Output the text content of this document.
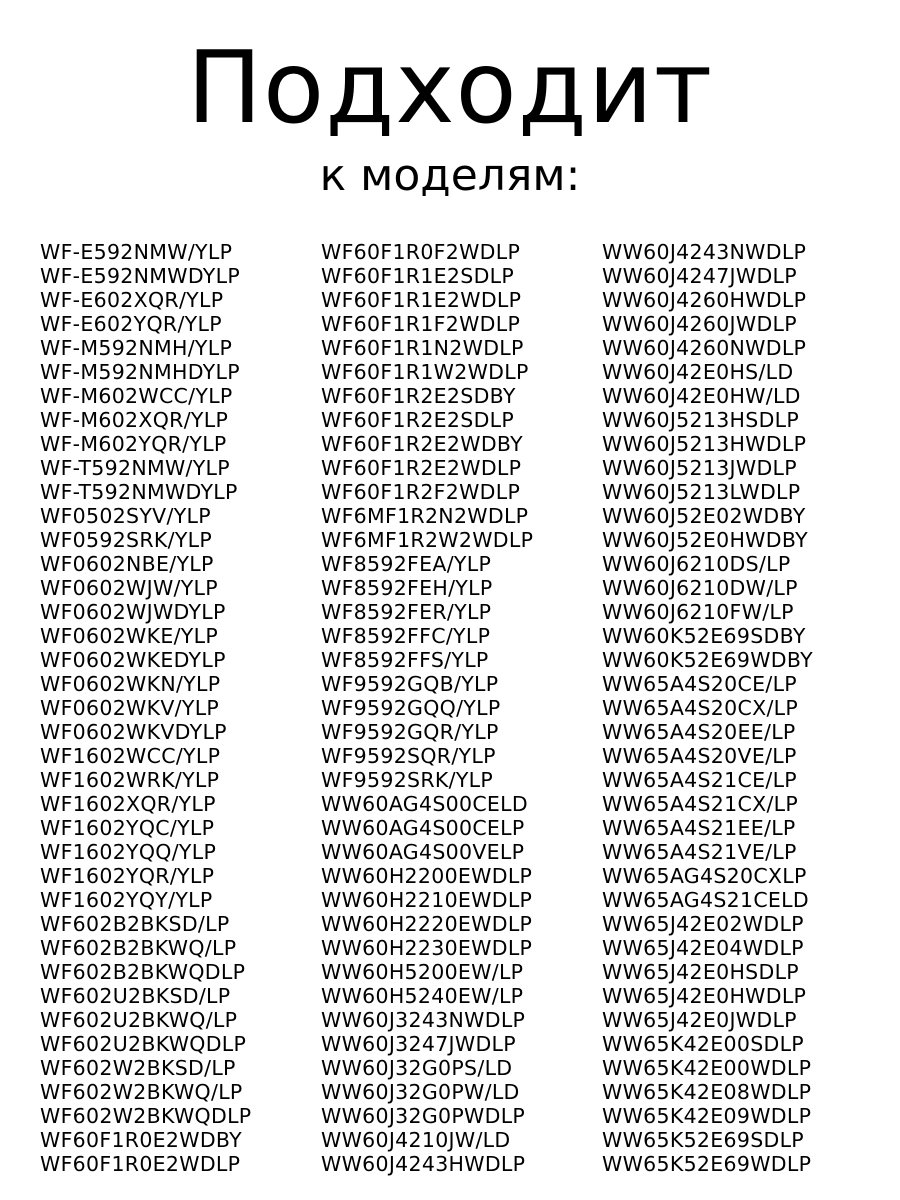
Подходит
к моделям:
WF-E592NMW/YLP
WF-E592NMWDYLP
WF-E602XQR/YLP
WF-E602YQR/YLP
WF-M592NMH/YLP
WF-M592NMHDYLP
WF-M602WCC/YLP
WF-M602XQR/YLP
WF-M602YQR/YLP
WF-T592NMW/YLP
WF-T592NMWDYLP
WF0502SYV/YLP
WF0592SRK/YLP
WF0602NBE/YLP
WF0602WJW/YLP
WF0602WJWDYLP
WF0602WKE/YLP
WF0602WKEDYLP
WF0602WKN/YLP
WF0602WKV/YLP
WF0602WKVDYLP
WF1602WCC/YLP
WF1602WRK/YLP
WF1602XQR/YLP
WF1602YQC/YLP
WF1602YQQ/YLP
WF1602YQR/YLP
WF1602YQY/YLP
WF602B2BKSD/LP
WF602B2BKWQ/LP
WF602B2BKWQDLP
WF602U2BKSD/LP
WF602U2BKWQ/LP
WF602U2BKWQDLP
WF602W2BKSD/LP
WF602W2BKWQ/LP
WF602W2BKWQDLP
WF60F1R0E2WDBY
WF60F1R0E2WDLP
WF60F1R0F2WDLP
WF60F1R1E2SDLP
WF60F1R1E2WDLP
WF60F1R1F2WDLP
WF60F1R1N2WDLP
WF60F1R1W2WDLP
WF60F1R2E2SDBY
WF60F1R2E2SDLP
WF60F1R2E2WDBY
WF60F1R2E2WDLP
WF60F1R2F2WDLP
WF6MF1R2N2WDLP
WF6MF1R2W2WDLP
WF8592FEA/YLP
WF8592FEH/YLP
WF8592FER/YLP
WF8592FFC/YLP
WF8592FFS/YLP
WF9592GQB/YLP
WF9592GQQ/YLP
WF9592GQR/YLP
WF9592SQR/YLP
WF9592SRK/YLP
WW60AG4S00CELD
WW60AG4S00CELP
WW60AG4S00VELP
WW60H2200EWDLP
WW60H2210EWDLP
WW60H2220EWDLP
WW60H2230EWDLP
WW60H5200EW/LP
WW60H5240EW/LP
WW60J3243NWDLP
WW60J3247JWDLP
WW60J32G0PS/LD
WW60J32G0PW/LD
WW60J32G0PWDLP
WW60J4210JW/LD
WW60J4243HWDLP
WW60J4243NWDLP
WW60J4247JWDLP
WW60J4260HWDLP
WW60J4260JWDLP
WW60J4260NWDLP
WW60J42E0HS/LD
WW60J42E0HW/LD
WW60J5213HSDLP
WW60J5213HWDLP
WW60J5213JWDLP
WW60J5213LWDLP
WW60J52E02WDBY
WW60J52E0HWDBY
WW60J6210DS/LP
WW60J6210DW/LP
WW60J6210FW/LP
WW60K52E69SDBY
WW60K52E69WDBY
WW65A4S20CE/LP
WW65A4S20CX/LP
WW65A4S20EE/LP
WW65A4S20VE/LP
WW65A4S21CE/LP
WW65A4S21CX/LP
WW65A4S21EE/LP
WW65A4S21VE/LP
WW65AG4S20CXLP
WW65AG4S21CELD
WW65J42E02WDLP
WW65J42E04WDLP
WW65J42E0HSDLP
WW65J42E0HWDLP
WW65J42E0JWDLP
WW65K42E00SDLP
WW65K42E00WDLP
WW65K42E08WDLP
WW65K42E09WDLP
WW65K52E69SDLP
WW65K52E69WDLP
